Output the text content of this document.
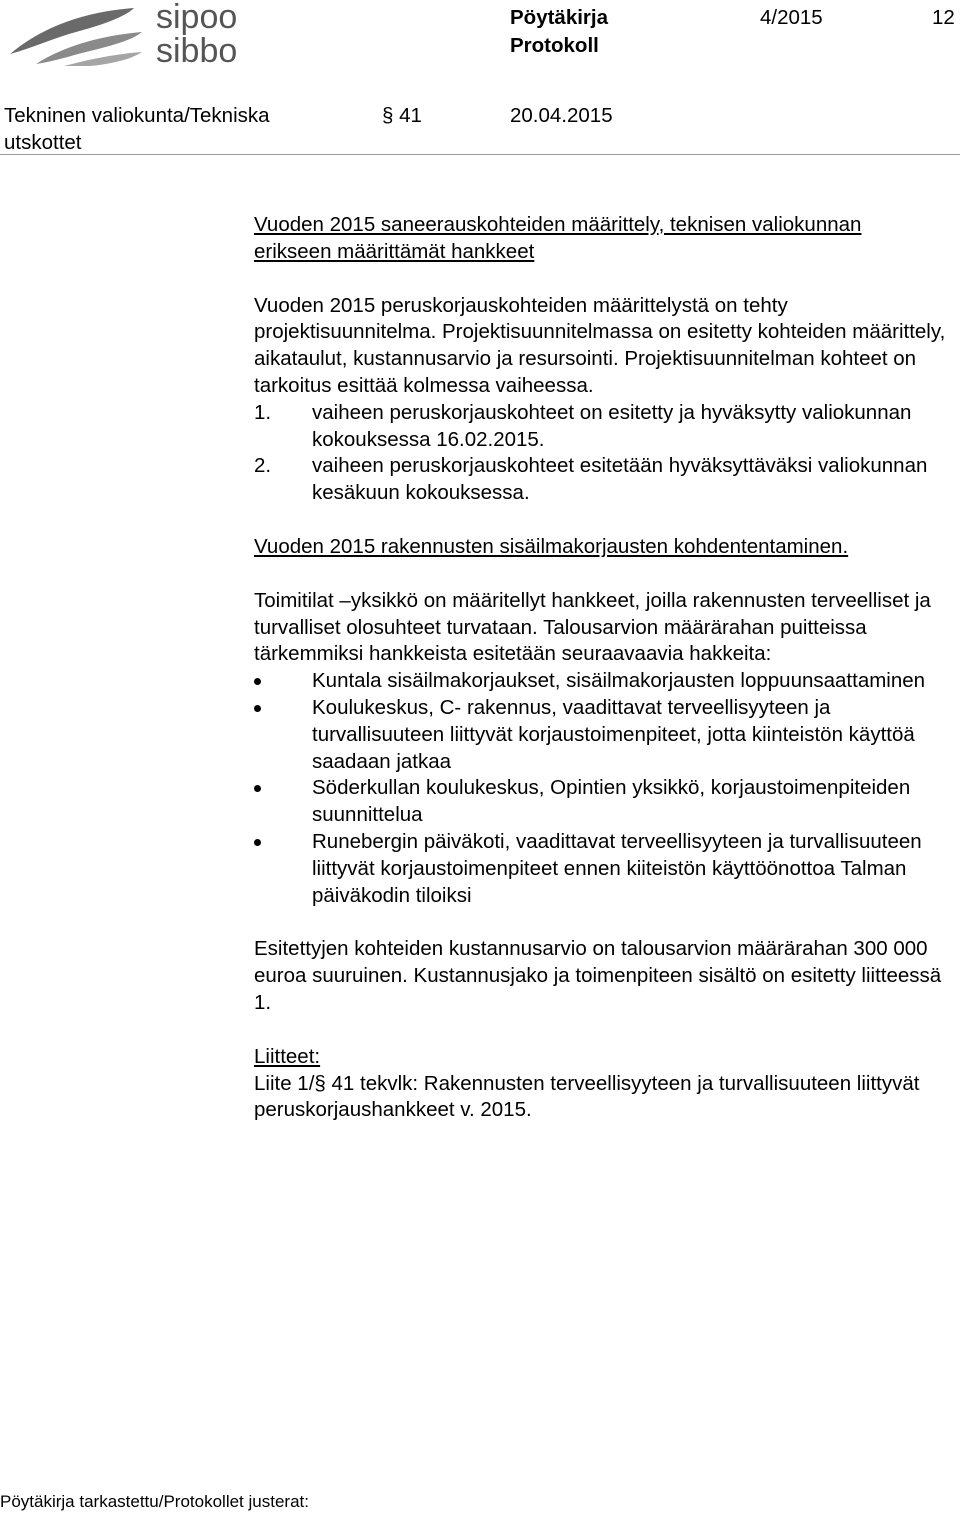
sipoo
sibbo
Pöytäkirja
Protokoll
4/2015	12
Tekninen valiokunta/Tekniska
utskottet
§ 41	20.04.2015

Vuoden 2015 saneerauskohteiden määrittely, teknisen valiokunnan
erikseen määrittämät hankkeet

Vuoden 2015 peruskorjauskohteiden määrittelystä on tehty projektisuunnitelma. Projektisuunnitelmassa on esitetty kohteiden määrittely, aikataulut, kustannusarvio ja resursointi. Projektisuunnitelman kohteet on tarkoitus esittää kolmessa vaiheessa.

1. vaiheen peruskorjauskohteet on esitetty ja hyväksytty valiokunnan kokouksessa 16.02.2015.
2. vaiheen peruskorjauskohteet esitetään hyväksyttäväksi valiokunnan kesäkuun kokouksessa.

Vuoden 2015 rakennusten sisäilmakorjausten kohdententaminen.

Toimitilat –yksikkö on määritellyt hankkeet, joilla rakennusten terveelliset ja turvalliset olosuhteet turvataan. Talousarvion määrärahan puitteissa tärkemmiksi hankkeista esitetään seuraavaavia hakkeita:

Kuntala sisäilmakorjaukset, sisäilmakorjausten loppuunsaattaminen
Koulukeskus, C- rakennus, vaadittavat terveellisyyteen ja turvallisuuteen liittyvät korjaustoimenpiteet, jotta kiinteistön käyttöä saadaan jatkaa
Söderkullan koulukeskus, Opintien yksikkö, korjaustoimenpiteiden suunnittelua
Runebergin päiväkoti, vaadittavat terveellisyyteen ja turvallisuuteen liittyvät korjaustoimenpiteet ennen kiiteistön käyttöönottoa Talman päiväkodin tiloiksi

Esitettyjen kohteiden kustannusarvio on talousarvion määrärahan 300 000 euroa suuruinen. Kustannusjako ja toimenpiteen sisältö on esitetty liitteessä 1.

Liitteet:

Liite 1/§ 41 tekvlk: Rakennusten terveellisyyteen ja turvallisuuteen liittyvät peruskorjaushankkeet v. 2015.

Pöytäkirja tarkastettu/Protokollet justerat:
